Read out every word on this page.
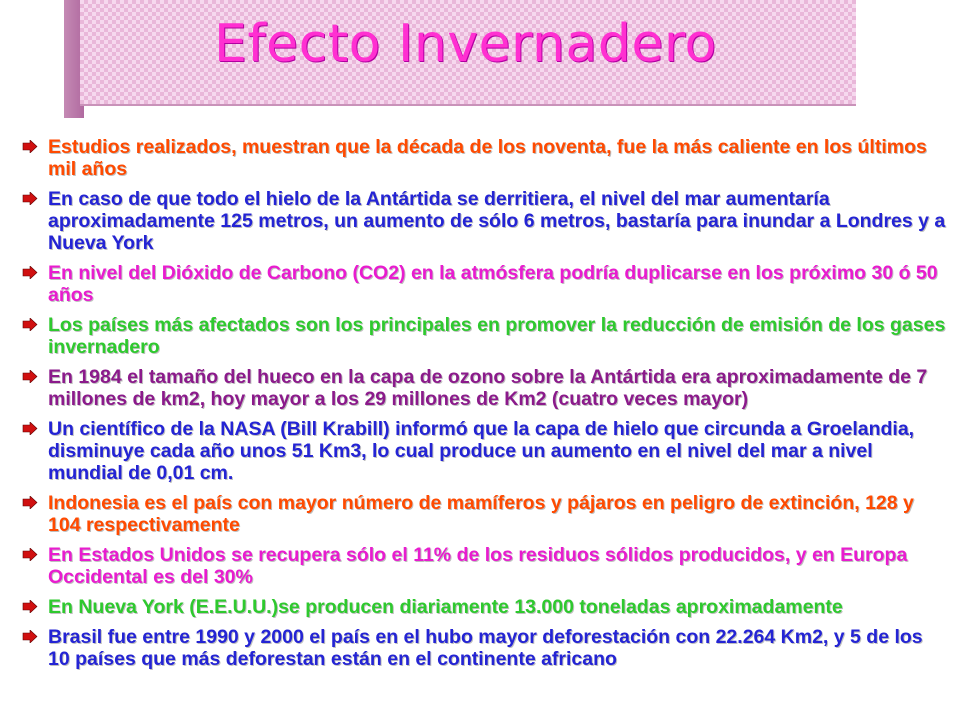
Efecto Invernadero
Estudios realizados, muestran que la década de los noventa, fue la más caliente en los últimos mil años
En caso de que todo el hielo de la Antártida se derritiera, el nivel del mar aumentaría aproximadamente 125 metros, un aumento de sólo 6 metros, bastaría para inundar a Londres y a Nueva York
En nivel del Dióxido de Carbono (CO2) en la atmósfera podría duplicarse en los próximo 30 ó 50 años
Los países más afectados son los principales en promover la reducción de emisión de los gases invernadero
En 1984 el tamaño del hueco en la capa de ozono sobre la Antártida era aproximadamente de 7 millones de km2, hoy mayor a los 29 millones de Km2 (cuatro veces mayor)
Un científico de la NASA (Bill Krabill) informó que la capa de hielo que circunda a Groelandia, disminuye cada año unos 51 Km3, lo cual produce un aumento en el nivel del mar a nivel mundial de 0,01 cm.
Indonesia es el país con mayor número de mamíferos y pájaros en peligro de extinción, 128 y 104 respectivamente
En Estados Unidos se recupera sólo el 11% de los residuos sólidos producidos, y en Europa Occidental es del 30%
En Nueva York (E.E.U.U.)se producen diariamente 13.000 toneladas aproximadamente
Brasil fue entre 1990 y 2000 el país en el hubo mayor deforestación con 22.264 Km2, y 5 de los 10 países que más deforestan están en el continente africano
